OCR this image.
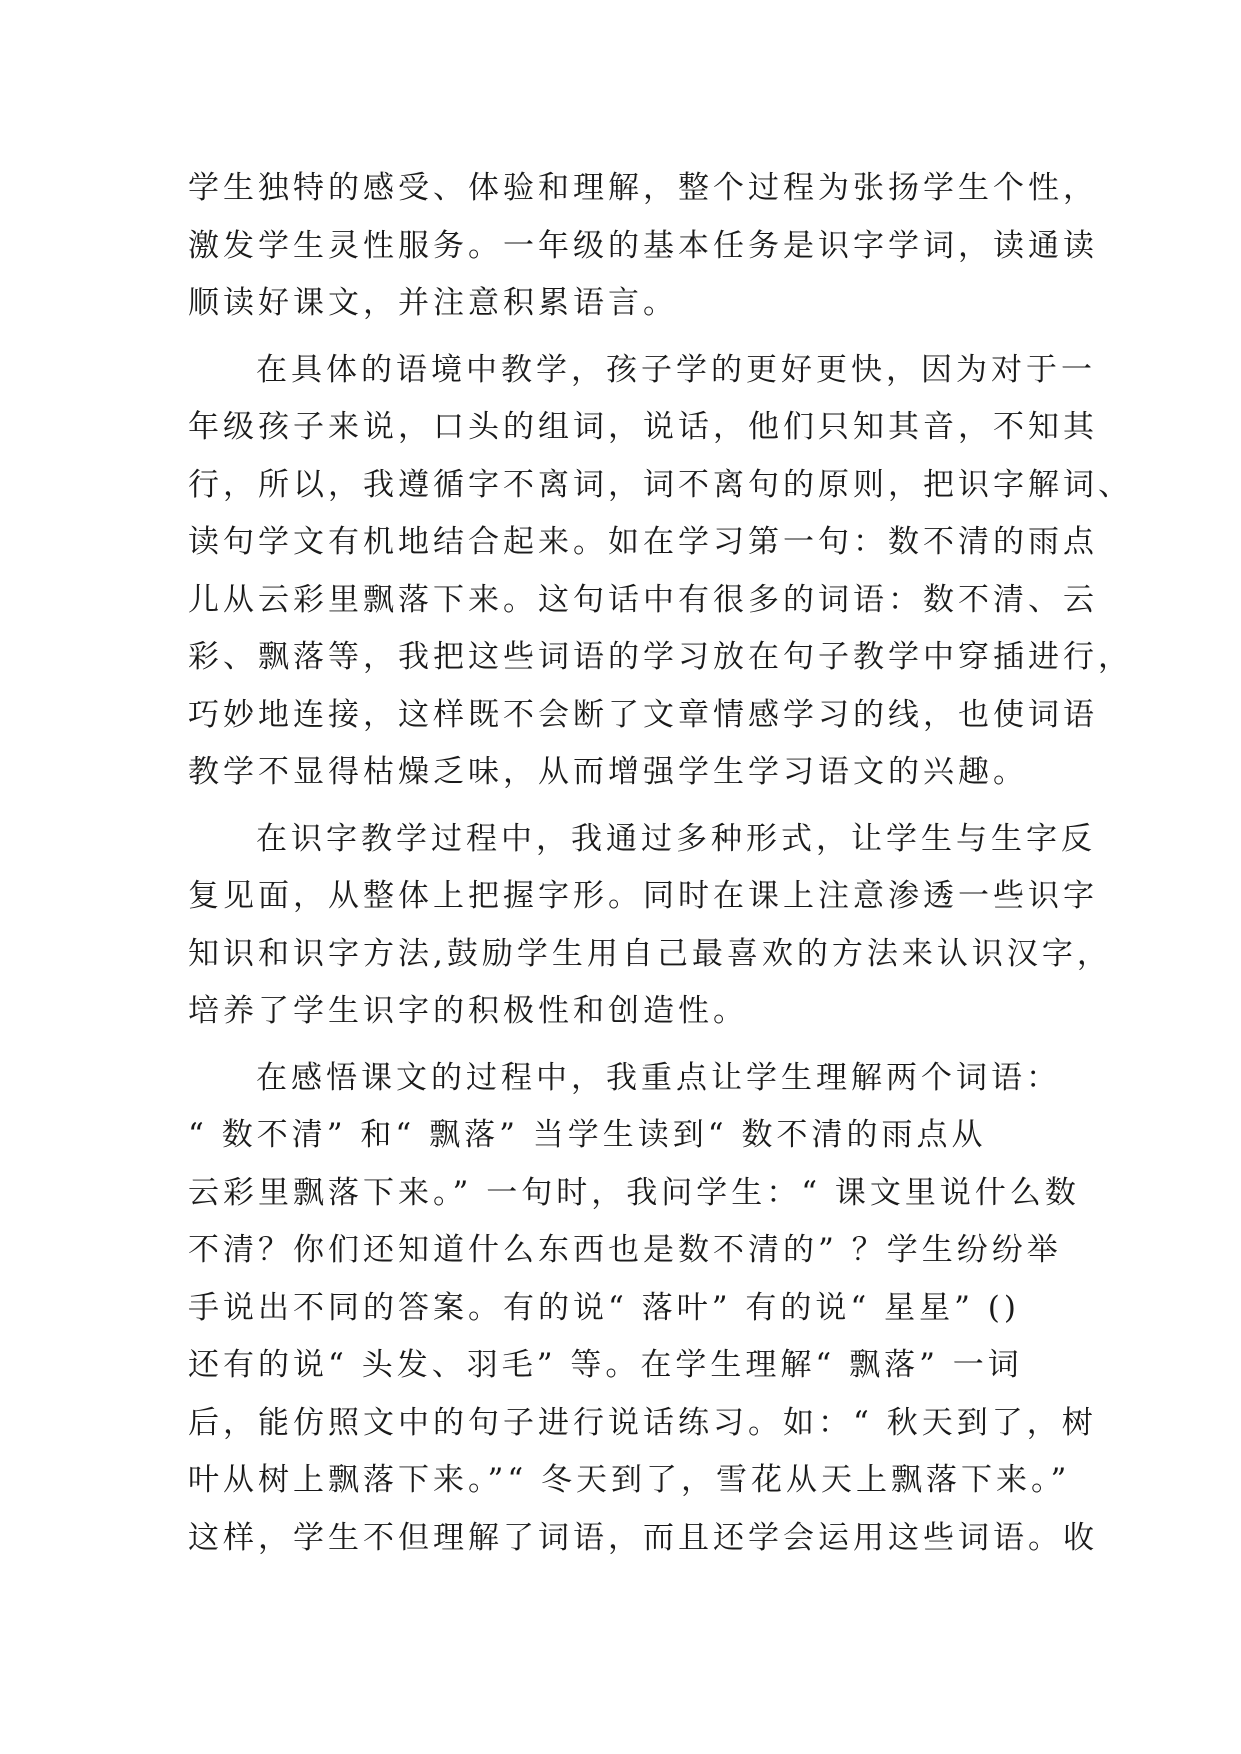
学生独特的感受、体验和理解，整个过程为张扬学生个性，
激发学生灵性服务。一年级的基本任务是识字学词，读通读
顺读好课文，并注意积累语言。
在具体的语境中教学，孩子学的更好更快，因为对于一
年级孩子来说，口头的组词，说话，他们只知其音，不知其
行，所以，我遵循字不离词，词不离句的原则，把识字解词、
读句学文有机地结合起来。如在学习第一句：数不清的雨点
儿从云彩里飘落下来。这句话中有很多的词语：数不清、云
彩、飘落等，我把这些词语的学习放在句子教学中穿插进行，
巧妙地连接，这样既不会断了文章情感学习的线，也使词语
教学不显得枯燥乏味，从而增强学生学习语文的兴趣。
在识字教学过程中，我通过多种形式，让学生与生字反
复见面，从整体上把握字形。同时在课上注意渗透一些识字
知识和识字方法,鼓励学生用自己最喜欢的方法来认识汉字，
培养了学生识字的积极性和创造性。
在感悟课文的过程中，我重点让学生理解两个词语：
“ 数不清” 和“ 飘落” 当学生读到“ 数不清的雨点从
云彩里飘落下来。” 一句时，我问学生：“ 课文里说什么数
不清？你们还知道什么东西也是数不清的” ？学生纷纷举
手说出不同的答案。有的说“ 落叶” 有的说“ 星星” ()
还有的说“ 头发、羽毛” 等。在学生理解“ 飘落” 一词
后，能仿照文中的句子进行说话练习。如：“ 秋天到了，树
叶从树上飘落下来。”“ 冬天到了，雪花从天上飘落下来。”
这样，学生不但理解了词语，而且还学会运用这些词语。收
